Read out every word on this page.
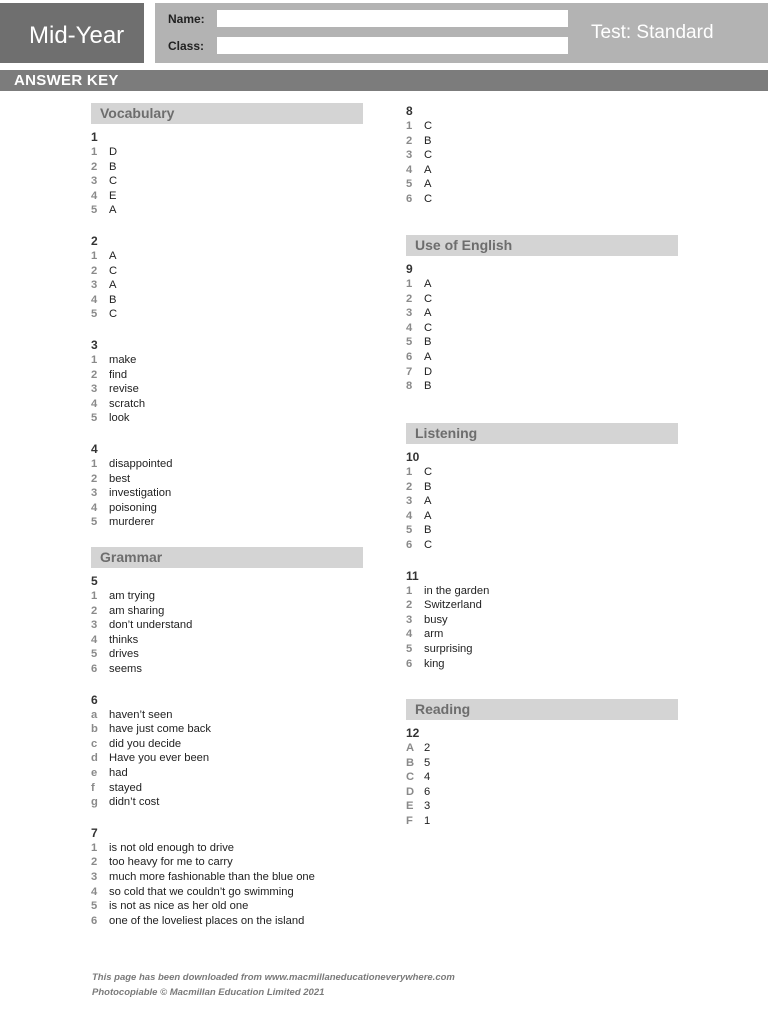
Mid-Year
Name:
Class:
Test: Standard
ANSWER KEY
Vocabulary
1
1 D
2 B
3 C
4 E
5 A
2
1 A
2 C
3 A
4 B
5 C
3
1 make
2 find
3 revise
4 scratch
5 look
4
1 disappointed
2 best
3 investigation
4 poisoning
5 murderer
Grammar
5
1 am trying
2 am sharing
3 don’t understand
4 thinks
5 drives
6 seems
6
a haven’t seen
b have just come back
c did you decide
d Have you ever been
e had
f stayed
g didn’t cost
7
1 is not old enough to drive
2 too heavy for me to carry
3 much more fashionable than the blue one
4 so cold that we couldn’t go swimming
5 is not as nice as her old one
6 one of the loveliest places on the island
8
1 C
2 B
3 C
4 A
5 A
6 C
Use of English
9
1 A
2 C
3 A
4 C
5 B
6 A
7 D
8 B
Listening
10
1 C
2 B
3 A
4 A
5 B
6 C
11
1 in the garden
2 Switzerland
3 busy
4 arm
5 surprising
6 king
Reading
12
A 2
B 5
C 4
D 6
E 3
F 1
This page has been downloaded from www.macmillaneducationeverywhere.com
Photocopiable © Macmillan Education Limited 2021
